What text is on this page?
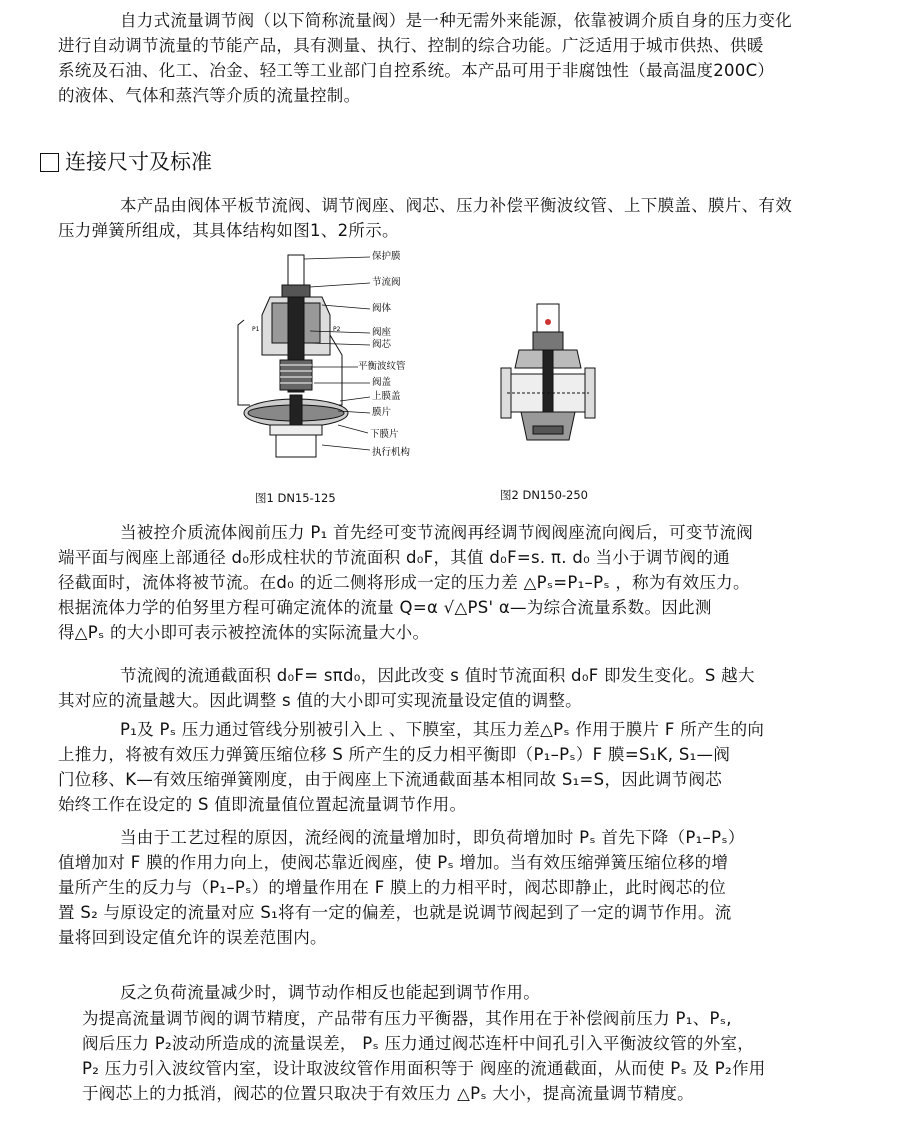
自力式流量调节阀（以下简称流量阀）是一种无需外来能源，依靠被调介质自身的压力变化
进行自动调节流量的节能产品，具有测量、执行、控制的综合功能。广泛适用于城市供热、供暖
系统及石油、化工、冶金、轻工等工业部门自控系统。本产品可用于非腐蚀性（最高温度200C）
的液体、气体和蒸汽等介质的流量控制。
连接尺寸及标准
本产品由阀体平板节流阀、调节阀座、阀芯、压力补偿平衡波纹管、上下膜盖、膜片、有效
压力弹簧所组成，其具体结构如图1、2所示。
保护膜
节流阀
阀体
阀座
阀芯
平衡波纹管
阀盖
上膜盖
膜片
下膜片
执行机构
P1	P2
图1 DN15-125	图2 DN150-250
当被控介质流体阀前压力 P₁ 首先经可变节流阀再经调节阀阀座流向阀后，可变节流阀
端平面与阀座上部通径 d₀形成柱状的节流面积 d₀F，其值 d₀F=s. π. d₀ 当小于调节阀的通
径截面时，流体将被节流。在d₀ 的近二侧将形成一定的压力差 △Pₛ=P₁–Pₛ ，称为有效压力。
根据流体力学的伯努里方程可确定流体的流量 Q=α √△PS' α—为综合流量系数。因此测
得△Pₛ 的大小即可表示被控流体的实际流量大小。
节流阀的流通截面积 d₀F= sπd₀，因此改变 s 值时节流面积 d₀F 即发生变化。S 越大
其对应的流量越大。因此调整 s 值的大小即可实现流量设定值的调整。
P₁及 Pₛ 压力通过管线分别被引入上 、下膜室，其压力差△Pₛ 作用于膜片 F 所产生的向
上推力，将被有效压力弹簧压缩位移 S 所产生的反力相平衡即（P₁–Pₛ）F 膜=S₁K, S₁—阀
门位移、K—有效压缩弹簧刚度，由于阀座上下流通截面基本相同故 S₁=S，因此调节阀芯
始终工作在设定的 S 值即流量值位置起流量调节作用。
当由于工艺过程的原因，流经阀的流量增加时，即负荷增加时 Pₛ 首先下降（P₁–Pₛ）
值增加对 F 膜的作用力向上，使阀芯靠近阀座，使 Pₛ 增加。当有效压缩弹簧压缩位移的增
量所产生的反力与（P₁–Pₛ）的增量作用在 F 膜上的力相平时，阀芯即静止，此时阀芯的位
置 S₂ 与原设定的流量对应 S₁将有一定的偏差，也就是说调节阀起到了一定的调节作用。流
量将回到设定值允许的误差范围内。
反之负荷流量减少时，调节动作相反也能起到调节作用。
为提高流量调节阀的调节精度，产品带有压力平衡器，其作用在于补偿阀前压力 P₁、Pₛ,
阀后压力 P₂波动所造成的流量误差， Pₛ 压力通过阀芯连杆中间孔引入平衡波纹管的外室，
P₂ 压力引入波纹管内室，设计取波纹管作用面积等于 阀座的流通截面，从而使 Pₛ 及 P₂作用
于阀芯上的力抵消，阀芯的位置只取决于有效压力 △Pₛ 大小，提高流量调节精度。
